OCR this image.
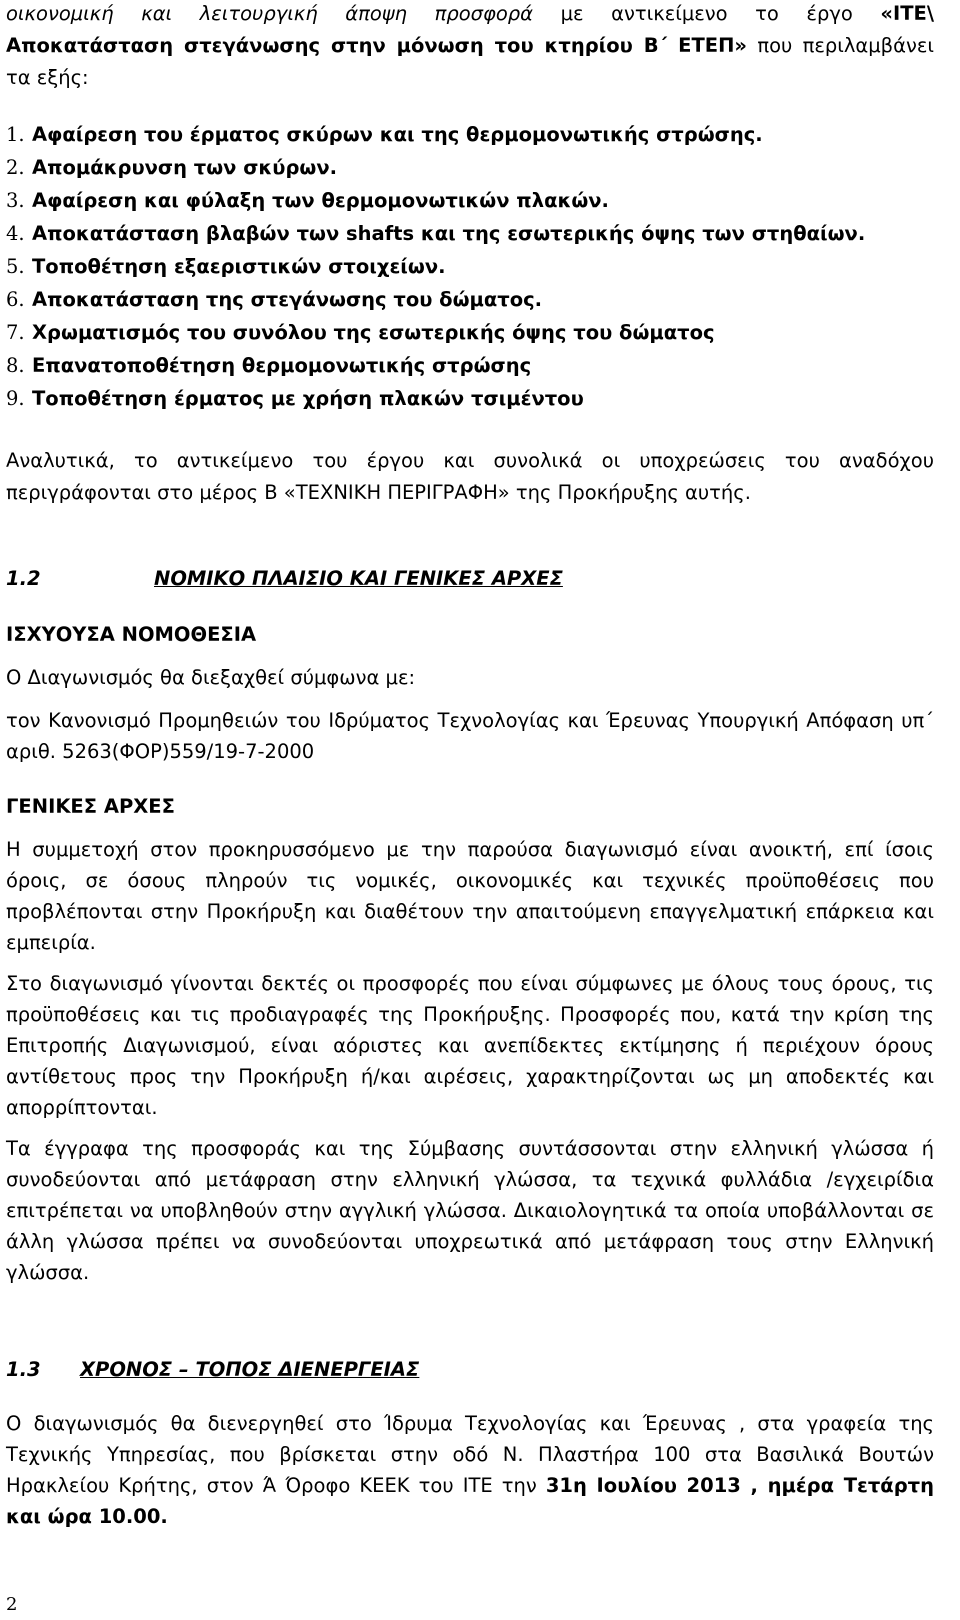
οικονομική και λειτουργική άποψη προσφορά με αντικείμενο το έργο «ΙΤΕ\
Αποκατάσταση στεγάνωσης στην μόνωση του κτηρίου Β΄ ΕΤΕΠ» που περιλαμβάνει
τα εξής:
1. Αφαίρεση του έρματος σκύρων και της θερμομονωτικής στρώσης.
2. Απομάκρυνση των σκύρων.
3. Αφαίρεση και φύλαξη των θερμομονωτικών πλακών.
4. Αποκατάσταση βλαβών των shafts και της εσωτερικής όψης των στηθαίων.
5. Τοποθέτηση εξαεριστικών στοιχείων.
6. Αποκατάσταση της στεγάνωσης του δώματος.
7. Χρωματισμός του συνόλου της εσωτερικής όψης του δώματος
8. Επανατοποθέτηση θερμομονωτικής στρώσης
9. Τοποθέτηση έρματος με χρήση πλακών τσιμέντου
Αναλυτικά, το αντικείμενο του έργου και συνολικά οι υποχρεώσεις του αναδόχου
περιγράφονται στο μέρος Β «ΤΕΧΝΙΚΗ ΠΕΡΙΓΡΑΦΗ» της Προκήρυξης αυτής.
1.2	ΝΟΜΙΚΟ ΠΛΑΙΣΙΟ ΚΑΙ ΓΕΝΙΚΕΣ ΑΡΧΕΣ
ΙΣΧΥΟΥΣΑ ΝΟΜΟΘΕΣΙΑ
Ο Διαγωνισμός θα διεξαχθεί σύμφωνα με:
τον Κανονισμό Προμηθειών του Ιδρύματος Τεχνολογίας και Έρευνας Υπουργική Απόφαση υπ΄
αριθ. 5263(ΦΟΡ)559/19-7-2000
ΓΕΝΙΚΕΣ ΑΡΧΕΣ
Η συμμετοχή στον προκηρυσσόμενο με την παρούσα διαγωνισμό είναι ανοικτή, επί ίσοις
όροις, σε όσους πληρούν τις νομικές, οικονομικές και τεχνικές προϋποθέσεις που
προβλέπονται στην Προκήρυξη και διαθέτουν την απαιτούμενη επαγγελματική επάρκεια και
εμπειρία.
Στο διαγωνισμό γίνονται δεκτές οι προσφορές που είναι σύμφωνες με όλους τους όρους, τις
προϋποθέσεις και τις προδιαγραφές της Προκήρυξης. Προσφορές που, κατά την κρίση της
Επιτροπής Διαγωνισμού, είναι αόριστες και ανεπίδεκτες εκτίμησης ή περιέχουν όρους
αντίθετους προς την Προκήρυξη ή/και αιρέσεις, χαρακτηρίζονται ως μη αποδεκτές και
απορρίπτονται.
Τα έγγραφα της προσφοράς και της Σύμβασης συντάσσονται στην ελληνική γλώσσα ή
συνοδεύονται από μετάφραση στην ελληνική γλώσσα, τα τεχνικά φυλλάδια /εγχειρίδια
επιτρέπεται να υποβληθούν στην αγγλική γλώσσα. Δικαιολογητικά τα οποία υποβάλλονται σε
άλλη γλώσσα πρέπει να συνοδεύονται υποχρεωτικά από μετάφραση τους στην Ελληνική
γλώσσα.
1.3 ΧΡΟΝΟΣ – ΤΟΠΟΣ ΔΙΕΝΕΡΓΕΙΑΣ
Ο διαγωνισμός θα διενεργηθεί στο Ίδρυμα Τεχνολογίας και Έρευνας , στα γραφεία της
Τεχνικής Υπηρεσίας, που βρίσκεται στην οδό Ν. Πλαστήρα 100 στα Βασιλικά Βουτών
Ηρακλείου Κρήτης, στον Ά Όροφο ΚΕΕΚ του ΙΤΕ την 31η Ιουλίου 2013 , ημέρα Τετάρτη
και ώρα 10.00.
2
